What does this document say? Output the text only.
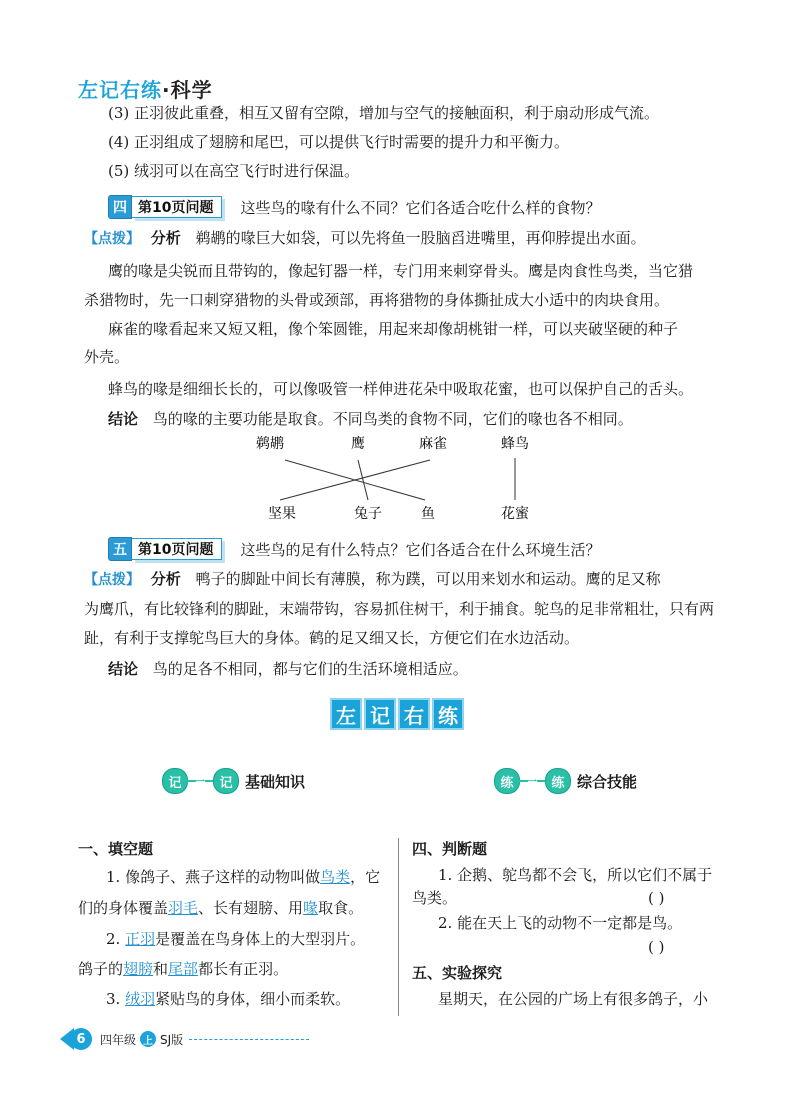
左记右练·科学
(3) 正羽彼此重叠，相互又留有空隙，增加与空气的接触面积，利于扇动形成气流。
(4) 正羽组成了翅膀和尾巴，可以提供飞行时需要的提升力和平衡力。
(5) 绒羽可以在高空飞行时进行保温。
四 第10页问题	这些鸟的喙有什么不同？它们各适合吃什么样的食物？
【点拨】 分析 鹈鹕的喙巨大如袋，可以先将鱼一股脑舀进嘴里，再仰脖提出水面。
鹰的喙是尖锐而且带钩的，像起钉器一样，专门用来刺穿骨头。鹰是肉食性鸟类，当它猎
杀猎物时，先一口刺穿猎物的头骨或颈部，再将猎物的身体撕扯成大小适中的肉块食用。
麻雀的喙看起来又短又粗，像个笨圆锥，用起来却像胡桃钳一样，可以夹破坚硬的种子
外壳。
蜂鸟的喙是细细长长的，可以像吸管一样伸进花朵中吸取花蜜，也可以保护自己的舌头。
结论 鸟的喙的主要功能是取食。不同鸟类的食物不同，它们的喙也各不相同。
鹈鹕	鹰	麻雀	蜂鸟
坚果	兔子	鱼	花蜜
五 第10页问题	这些鸟的足有什么特点？它们各适合在什么环境生活？
【点拨】 分析 鸭子的脚趾中间长有薄膜，称为蹼，可以用来划水和运动。鹰的足又称
为鹰爪，有比较锋利的脚趾，末端带钩，容易抓住树干，利于捕食。鸵鸟的足非常粗壮，只有两
趾，有利于支撑鸵鸟巨大的身体。鹤的足又细又长，方便它们在水边活动。
结论 鸟的足各不相同，都与它们的生活环境相适应。
左 记 右 练
记	一	记 基础知识	练	一	练 综合技能
一、填空题
1. 像鸽子、燕子这样的动物叫做鸟类，它
们的身体覆盖羽毛、长有翅膀、用喙取食。
2. 正羽是覆盖在鸟身体上的大型羽片。
鸽子的翅膀和尾部都长有正羽。
3. 绒羽紧贴鸟的身体，细小而柔软。
四、判断题
1. 企鹅、鸵鸟都不会飞，所以它们不属于
鸟类。	( )
2. 能在天上飞的动物不一定都是鸟。
( )
五、实验探究
星期天，在公园的广场上有很多鸽子，小
6	四年级 上 SJ版
